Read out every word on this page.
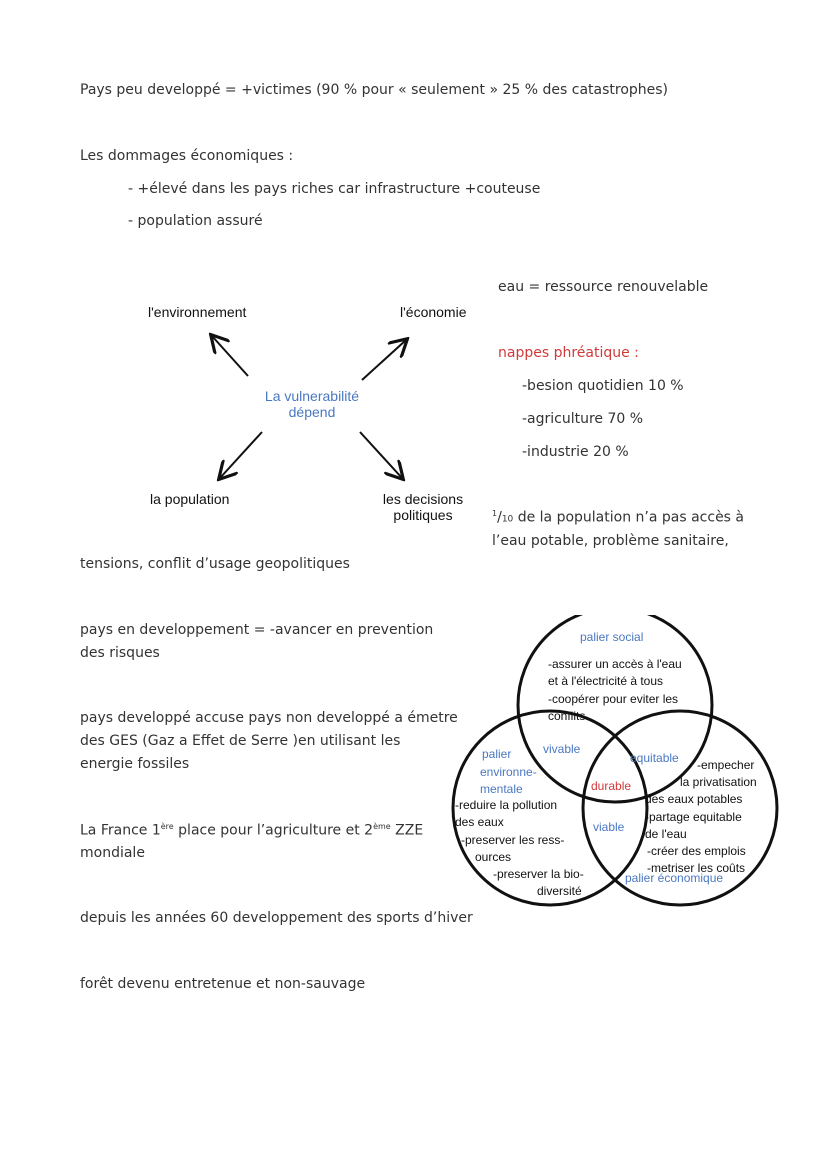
Pays peu developpé = +victimes (90 % pour « seulement » 25 % des catastrophes)
Les dommages économiques :
- +élevé dans les pays riches car infrastructure +couteuse
- population assuré
l'environnement	l'économie
La vulnerabilité
dépend
la population	les decisions
politiques
eau = ressource renouvelable
nappes phréatique :
-besion quotidien 10 %
-agriculture 70 %
-industrie 20 %
$^1$/10 de la population n’a pas accès à
l’eau potable, problème sanitaire,
tensions, conflit d’usage geopolitiques
pays en developpement = -avancer en prevention
des risques
pays developpé accuse pays non developpé a émetre
des GES (Gaz a Effet de Serre )en utilisant les
energie fossiles
La France 1ère place pour l’agriculture et 2ème ZZE
mondiale
depuis les années 60 developpement des sports d’hiver
forêt devenu entretenue et non-sauvage
palier social
-assurer un accès à l'eau
et à l'électricité à tous
-coopérer pour eviter les
conflits
palier
environne-
mentale
-reduire la pollution
des eaux
-preserver les ress-
ources
-preserver la bio-
diversité
vivable
equitable
durable
viable
-empecher
la privatisation
des eaux potables
-partage equitable
de l'eau
-créer des emplois
-metriser les coûts
palier économique
